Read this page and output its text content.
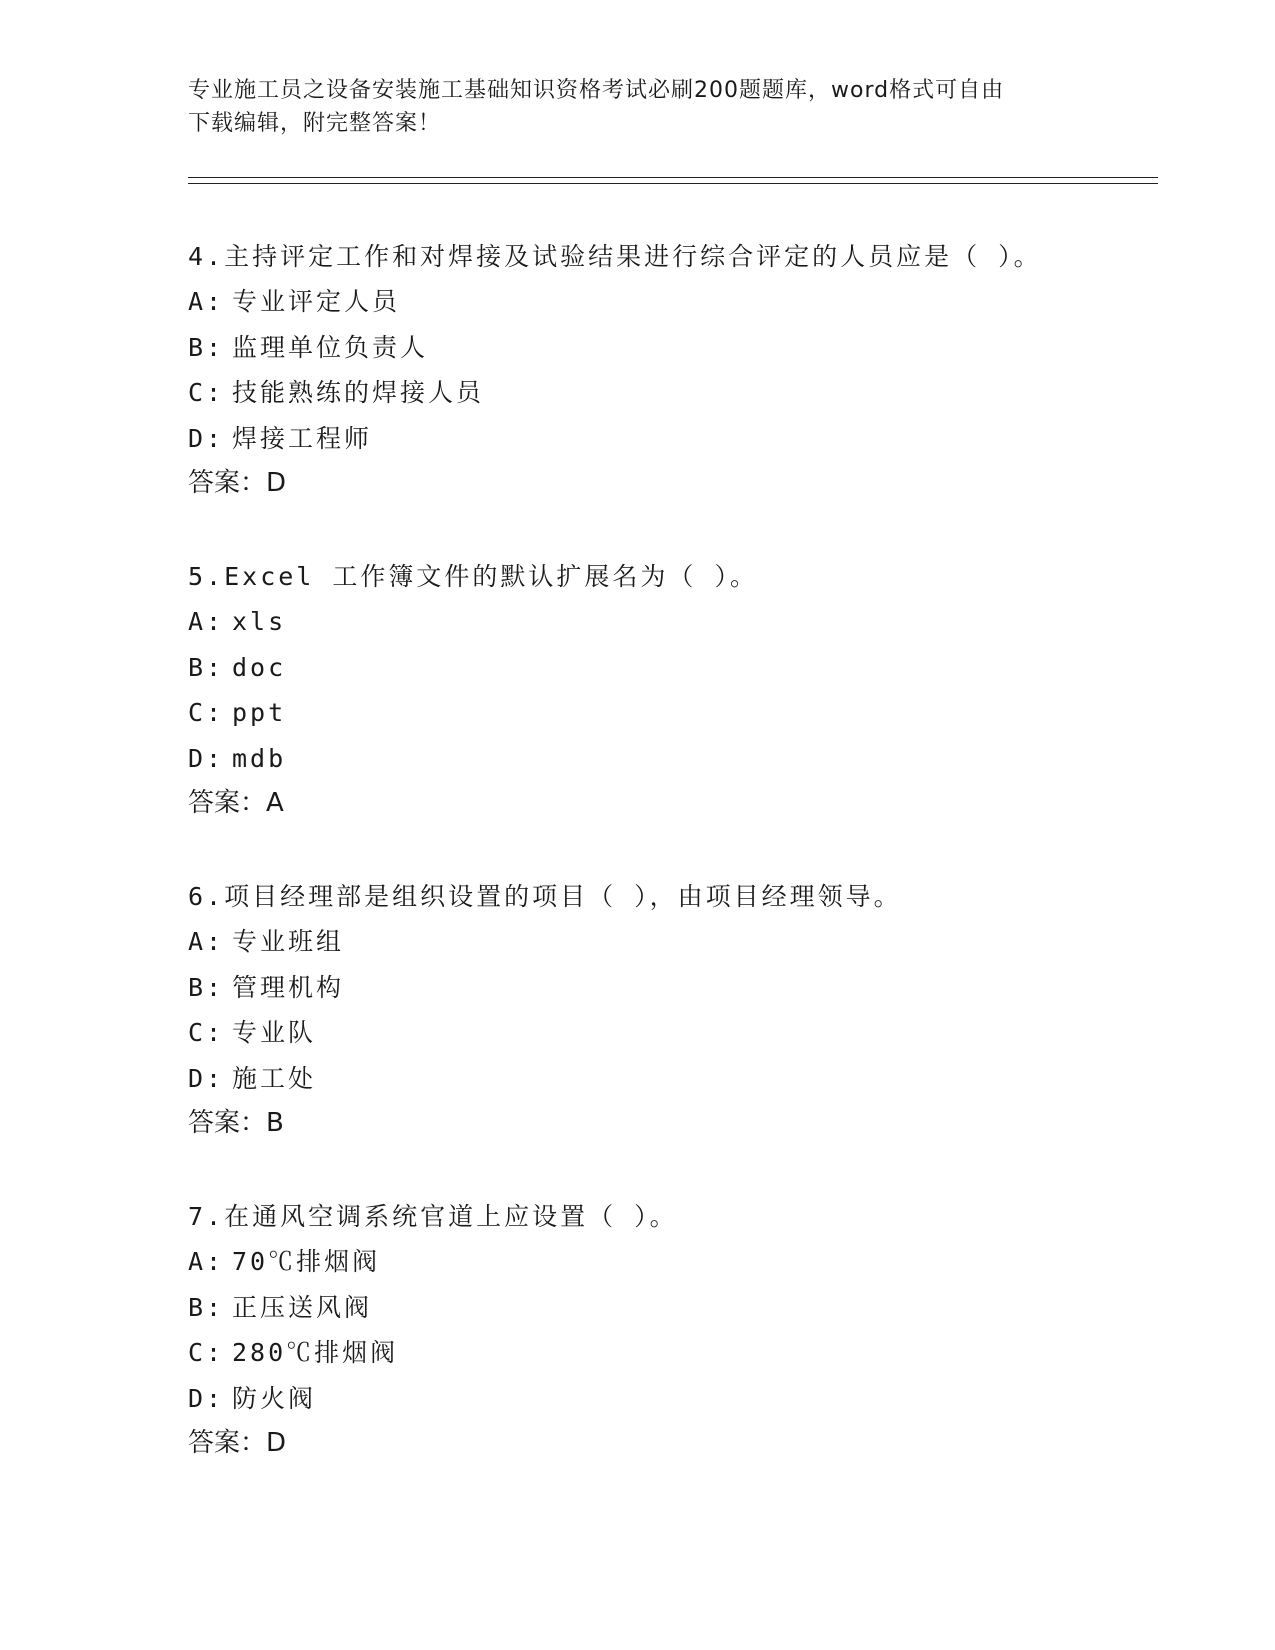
专业施工员之设备安装施工基础知识资格考试必刷200题题库，word格式可自由
下载编辑，附完整答案！
4.主持评定工作和对焊接及试验结果进行综合评定的人员应是（ ）。
A: 专业评定人员
B: 监理单位负责人
C: 技能熟练的焊接人员
D: 焊接工程师
答案：D
5.Excel 工作簿文件的默认扩展名为（ ）。
A: xls
B: doc
C: ppt
D: mdb
答案：A
6.项目经理部是组织设置的项目（ ），由项目经理领导。
A: 专业班组
B: 管理机构
C: 专业队
D: 施工处
答案：B
7.在通风空调系统官道上应设置（ ）。
A: 70℃排烟阀
B: 正压送风阀
C: 280℃排烟阀
D: 防火阀
答案：D
